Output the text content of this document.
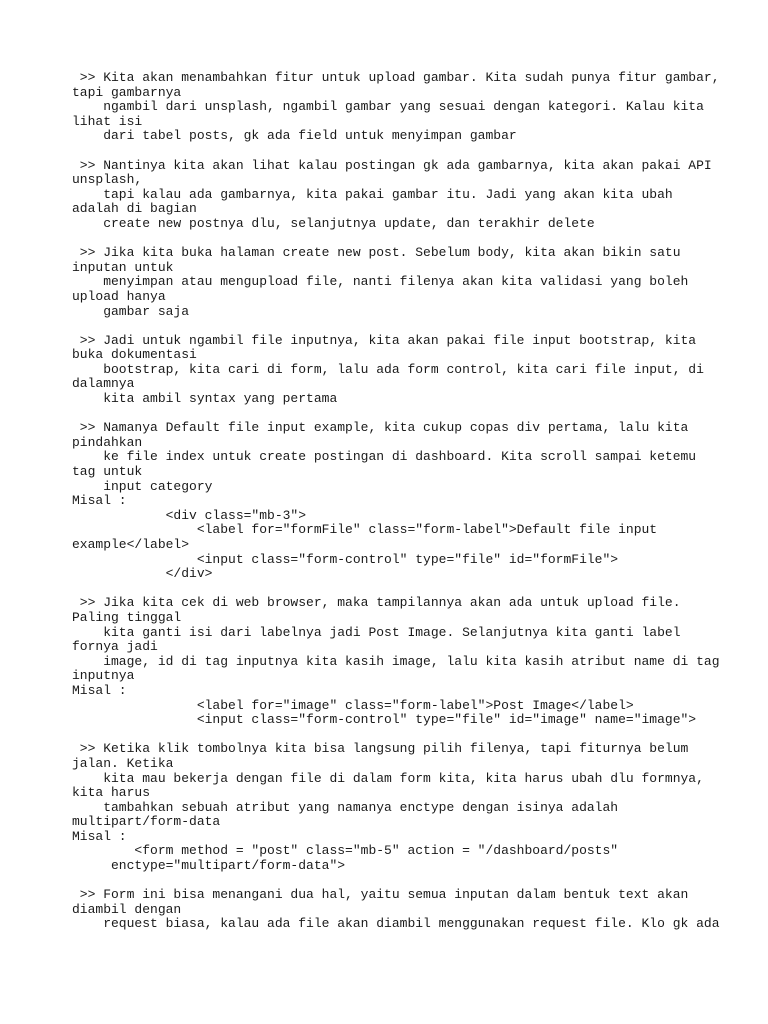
>> Kita akan menambahkan fitur untuk upload gambar. Kita sudah punya fitur gambar,
tapi gambarnya
ngambil dari unsplash, ngambil gambar yang sesuai dengan kategori. Kalau kita
lihat isi
dari tabel posts, gk ada field untuk menyimpan gambar
>> Nantinya kita akan lihat kalau postingan gk ada gambarnya, kita akan pakai API
unsplash,
tapi kalau ada gambarnya, kita pakai gambar itu. Jadi yang akan kita ubah
adalah di bagian
create new postnya dlu, selanjutnya update, dan terakhir delete
>> Jika kita buka halaman create new post. Sebelum body, kita akan bikin satu
inputan untuk
menyimpan atau mengupload file, nanti filenya akan kita validasi yang boleh
upload hanya
gambar saja
>> Jadi untuk ngambil file inputnya, kita akan pakai file input bootstrap, kita
buka dokumentasi
bootstrap, kita cari di form, lalu ada form control, kita cari file input, di
dalamnya
kita ambil syntax yang pertama
>> Namanya Default file input example, kita cukup copas div pertama, lalu kita
pindahkan
ke file index untuk create postingan di dashboard. Kita scroll sampai ketemu
tag untuk
input category
Misal :
<div class="mb-3">
<label for="formFile" class="form-label">Default file input
example</label>
<input class="form-control" type="file" id="formFile">
</div>
>> Jika kita cek di web browser, maka tampilannya akan ada untuk upload file.
Paling tinggal
kita ganti isi dari labelnya jadi Post Image. Selanjutnya kita ganti label
fornya jadi
image, id di tag inputnya kita kasih image, lalu kita kasih atribut name di tag
inputnya
Misal :
<label for="image" class="form-label">Post Image</label>
<input class="form-control" type="file" id="image" name="image">
>> Ketika klik tombolnya kita bisa langsung pilih filenya, tapi fiturnya belum
jalan. Ketika
kita mau bekerja dengan file di dalam form kita, kita harus ubah dlu formnya,
kita harus
tambahkan sebuah atribut yang namanya enctype dengan isinya adalah
multipart/form-data
Misal :
<form method = "post" class="mb-5" action = "/dashboard/posts"
enctype="multipart/form-data">
>> Form ini bisa menangani dua hal, yaitu semua inputan dalam bentuk text akan
diambil dengan
request biasa, kalau ada file akan diambil menggunakan request file. Klo gk ada
